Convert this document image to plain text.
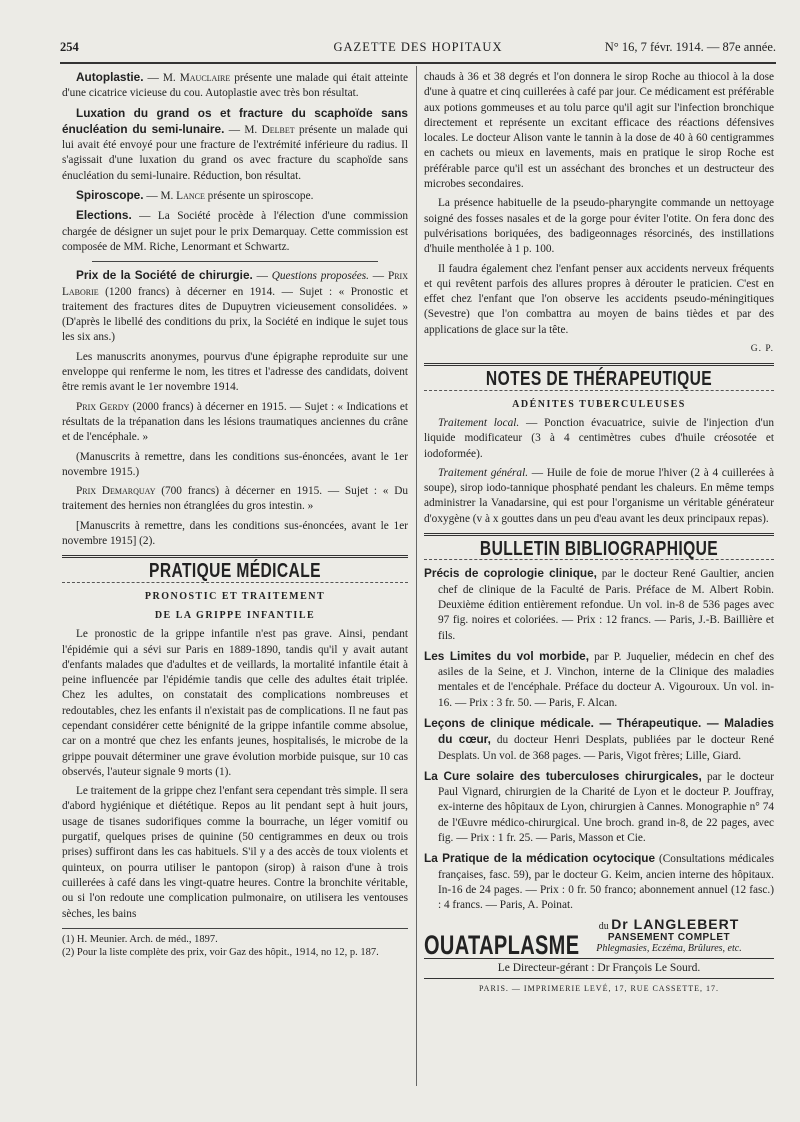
254	GAZETTE DES HOPITAUX	N° 16, 7 févr. 1914. — 87e année.

Autoplastie. — M. Mauclaire présente une malade qui était atteinte d'une cicatrice vicieuse du cou. Autoplastie avec très bon résultat.

Luxation du grand os et fracture du scaphoïde sans énucléation du semi-lunaire. — M. Delbet présente un malade qui lui avait été envoyé pour une fracture de l'extrémité inférieure du radius. Il s'agissait d'une luxation du grand os avec fracture du scaphoïde sans énucléation du semi-lunaire. Réduction, bon résultat.

Spiroscope. — M. Lance présente un spiroscope.

Elections. — La Société procède à l'élection d'une commission chargée de désigner un sujet pour le prix Demarquay. Cette commission est composée de MM. Riche, Lenormant et Schwartz.

Prix de la Société de chirurgie. — Questions proposées. — Prix Laborie (1200 francs) à décerner en 1914. — Sujet : « Pronostic et traitement des fractures dites de Dupuytren vicieusement consolidées. » (D'après le libellé des conditions du prix, la Société en indique le sujet tous les six ans.)

Les manuscrits anonymes, pourvus d'une épigraphe reproduite sur une enveloppe qui renferme le nom, les titres et l'adresse des candidats, doivent être remis avant le 1er novembre 1914.

Prix Gerdy (2000 francs) à décerner en 1915. — Sujet : « Indications et résultats de la trépanation dans les lésions traumatiques anciennes du crâne et de l'encéphale. »

(Manuscrits à remettre, dans les conditions sus-énoncées, avant le 1er novembre 1915.)

Prix Demarquay (700 francs) à décerner en 1915. — Sujet : « Du traitement des hernies non étranglées du gros intestin. »

[Manuscrits à remettre, dans les conditions sus-énoncées, avant le 1er novembre 1915] (2).

PRATIQUE MÉDICALE
PRONOSTIC ET TRAITEMENT
DE LA GRIPPE INFANTILE

Le pronostic de la grippe infantile n'est pas grave. Ainsi, pendant l'épidémie qui a sévi sur Paris en 1889-1890, tandis qu'il y avait autant d'enfants malades que d'adultes et de veillards, la mortalité infantile était à peine influencée par l'épidémie tandis que celle des adultes était triplée. Chez les adultes, on constatait des complications nombreuses et redoutables, chez les enfants il n'existait pas de complications. Il ne faut pas cependant considérer cette bénignité de la grippe infantile comme absolue, car on a montré que chez les enfants jeunes, hospitalisés, le microbe de la grippe pouvait déterminer une grave évolution morbide puisque, sur 10 cas observés, l'auteur signale 9 morts (1).

Le traitement de la grippe chez l'enfant sera cependant très simple. Il sera d'abord hygiénique et diététique. Repos au lit pendant sept à huit jours, usage de tisanes sudorifiques comme la bourrache, un léger vomitif ou purgatif, quelques prises de quinine (50 centigrammes en deux ou trois prises) suffiront dans les cas habituels. S'il y a des accès de toux violents et quinteux, on pourra utiliser le pantopon (sirop) à raison d'une à trois cuillerées à café dans les vingt-quatre heures. Contre la bronchite véritable, ou si l'on redoute une complication pulmonaire, on utilisera les ventouses sèches, les bains

(1) H. Meunier. Arch. de méd., 1897.

(2) Pour la liste complète des prix, voir Gaz des hôpit., 1914, no 12, p. 187.

chauds à 36 et 38 degrés et l'on donnera le sirop Roche au thiocol à la dose d'une à quatre et cinq cuillerées à café par jour. Ce médicament est préférable aux potions gommeuses et au tolu parce qu'il agit sur l'infection bronchique directement et représente un excitant efficace des réactions défensives locales. Le docteur Alison vante le tannin à la dose de 40 à 60 centigrammes en cachets ou mieux en lavements, mais en pratique le sirop Roche est préférable parce qu'il est un asséchant des bronches et un destructeur des microbes secondaires.

La présence habituelle de la pseudo-pharyngite commande un nettoyage soigné des fosses nasales et de la gorge pour éviter l'otite. On fera donc des pulvérisations boriquées, des badigeonnages résorcinés, des instillations d'huile mentholée à 1 p. 100.

Il faudra également chez l'enfant penser aux accidents nerveux fréquents et qui revêtent parfois des allures propres à dérouter le praticien. C'est en effet chez l'enfant que l'on observe les accidents pseudo-méningitiques (Sevestre) que l'on combattra au moyen de bains tièdes et par des applications de glace sur la tête.

G. P.
NOTES DE THÉRAPEUTIQUE
ADÉNITES TUBERCULEUSES

Traitement local. — Ponction évacuatrice, suivie de l'injection d'un liquide modificateur (3 à 4 centimètres cubes d'huile créosotée et iodoformée).

Traitement général. — Huile de foie de morue l'hiver (2 à 4 cuillerées à soupe), sirop iodo-tannique phosphaté pendant les chaleurs. En même temps administrer la Vanadarsine, qui est pour l'organisme un véritable générateur d'oxygène (v à x gouttes dans un peu d'eau avant les deux principaux repas).

BULLETIN BIBLIOGRAPHIQUE
Précis de coprologie clinique, par le docteur René Gaultier, ancien chef de clinique de la Faculté de Paris. Préface de M. Albert Robin. Deuxième édition entièrement refondue. Un vol. in-8 de 536 pages avec 97 fig. noires et coloriées. — Prix : 12 francs. — Paris, J.-B. Baillière et fils.
Les Limites du vol morbide, par P. Juquelier, médecin en chef des asiles de la Seine, et J. Vinchon, interne de la Clinique des maladies mentales et de l'encéphale. Préface du docteur A. Vigouroux. Un vol. in-16. — Prix : 3 fr. 50. — Paris, F. Alcan.
Leçons de clinique médicale. — Thérapeutique. — Maladies du cœur, du docteur Henri Desplats, publiées par le docteur René Desplats. Un vol. de 368 pages. — Paris, Vigot frères; Lille, Giard.
La Cure solaire des tuberculoses chirurgicales, par le docteur Paul Vignard, chirurgien de la Charité de Lyon et le docteur P. Jouffray, ex-interne des hôpitaux de Lyon, chirurgien à Cannes. Monographie n° 74 de l'Œuvre médico-chirurgical. Une broch. grand in-8, de 22 pages, avec fig. — Prix : 1 fr. 25. — Paris, Masson et Cie.
La Pratique de la médication ocytocique (Consultations médicales françaises, fasc. 59), par le docteur G. Keim, ancien interne des hôpitaux. In-16 de 24 pages. — Prix : 0 fr. 50 franco; abonnement annuel (12 fasc.) : 4 francs. — Paris, A. Poinat.
OUATAPLASME
du Dr LANGLEBERT
PANSEMENT COMPLET
Phlegmasies, Eczéma, Brûlures, etc.
Le Directeur-gérant : Dr François Le Sourd.
PARIS. — IMPRIMERIE LEVÉ, 17, RUE CASSETTE, 17.
